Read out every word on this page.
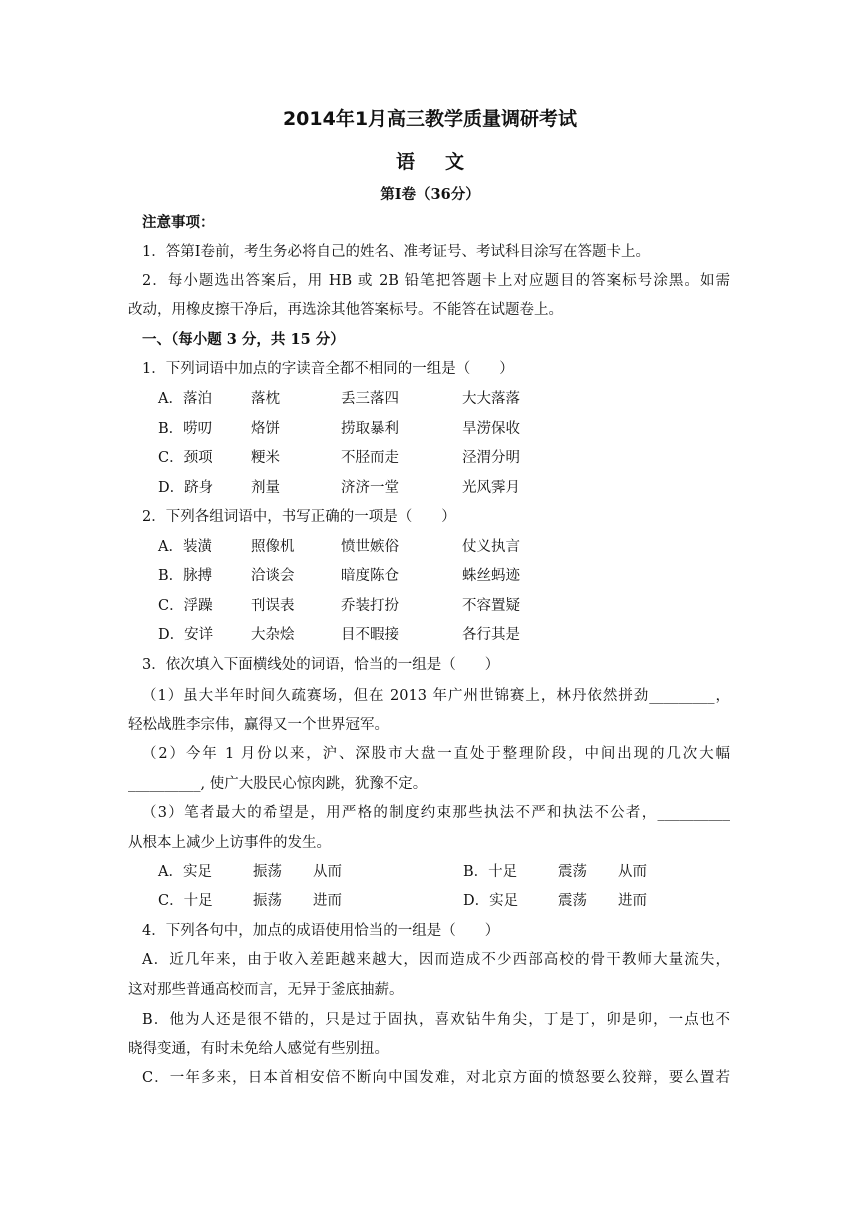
2014年1月高三教学质量调研考试
语文
第Ⅰ卷（36分）
注意事项：
1．答第Ⅰ卷前，考生务必将自己的姓名、准考证号、考试科目涂写在答题卡上。
2．每小题选出答案后，用 HB 或 2B 铅笔把答题卡上对应题目的答案标号涂黑。如需
改动，用橡皮擦干净后，再选涂其他答案标号。不能答在试题卷上。
一、（每小题 3 分，共 15 分）
1．下列词语中加点的字读音全都不相同的一组是（　　）
A．落泊	落枕	丢三落四	大大落落
B．唠叨	烙饼	捞取暴利	旱涝保收
C．颈项	粳米	不胫而走	泾渭分明
D．跻身	剂量	济济一堂	光风霁月
2．下列各组词语中，书写正确的一项是（　　）
A．装潢	照像机	愤世嫉俗	仗义执言
B．脉搏	洽谈会	暗度陈仓	蛛丝蚂迹
C．浮躁	刊误表	乔装打扮	不容置疑
D．安详	大杂烩	目不暇接	各行其是
3．依次填入下面横线处的词语，恰当的一组是（　　）
（1）虽大半年时间久疏赛场，但在 2013 年广州世锦赛上，林丹依然拼劲_________，
轻松战胜李宗伟，赢得又一个世界冠军。
（2）今年 1 月份以来，沪、深股市大盘一直处于整理阶段，中间出现的几次大幅
__________, 使广大股民心惊肉跳，犹豫不定。
（3）笔者最大的希望是，用严格的制度约束那些执法不严和执法不公者，__________
从根本上减少上访事件的发生。
A．实足	振荡 从而	B．十足	震荡 从而
C．十足	振荡 进而	D．实足	震荡 进而
4．下列各句中，加点的成语使用恰当的一组是（　　）
A．近几年来，由于收入差距越来越大，因而造成不少西部高校的骨干教师大量流失，
这对那些普通高校而言，无异于釜底抽薪。
B．他为人还是很不错的，只是过于固执，喜欢钻牛角尖，丁是丁，卯是卯，一点也不
晓得变通，有时未免给人感觉有些别扭。
C．一年多来，日本首相安倍不断向中国发难，对北京方面的愤怒要么狡辩，要么置若
